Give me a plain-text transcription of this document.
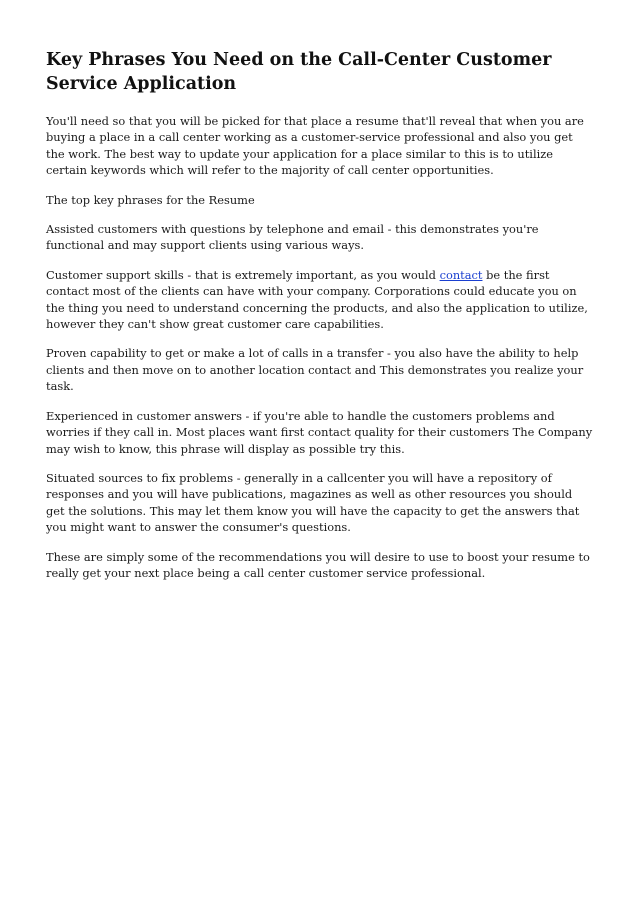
Key Phrases You Need on the Call-Center Customer Service Application

You'll need so that you will be picked for that place a resume that'll reveal that when you are buying a place in a call center working as a customer-service professional and also you get the work. The best way to update your application for a place similar to this is to utilize certain keywords which will refer to the majority of call center opportunities.

The top key phrases for the Resume

Assisted customers with questions by telephone and email - this demonstrates you're functional and may support clients using various ways.

Customer support skills - that is extremely important, as you would contact be the first contact most of the clients can have with your company. Corporations could educate you on the thing you need to understand concerning the products, and also the application to utilize, however they can't show great customer care capabilities.

Proven capability to get or make a lot of calls in a transfer - you also have the ability to help clients and then move on to another location contact and This demonstrates you realize your task.

Experienced in customer answers - if you're able to handle the customers problems and worries if they call in. Most places want first contact quality for their customers The Company may wish to know, this phrase will display as possible try this.

Situated sources to fix problems - generally in a callcenter you will have a repository of responses and you will have publications, magazines as well as other resources you should get the solutions. This may let them know you will have the capacity to get the answers that you might want to answer the consumer's questions.

These are simply some of the recommendations you will desire to use to boost your resume to really get your next place being a call center customer service professional.
